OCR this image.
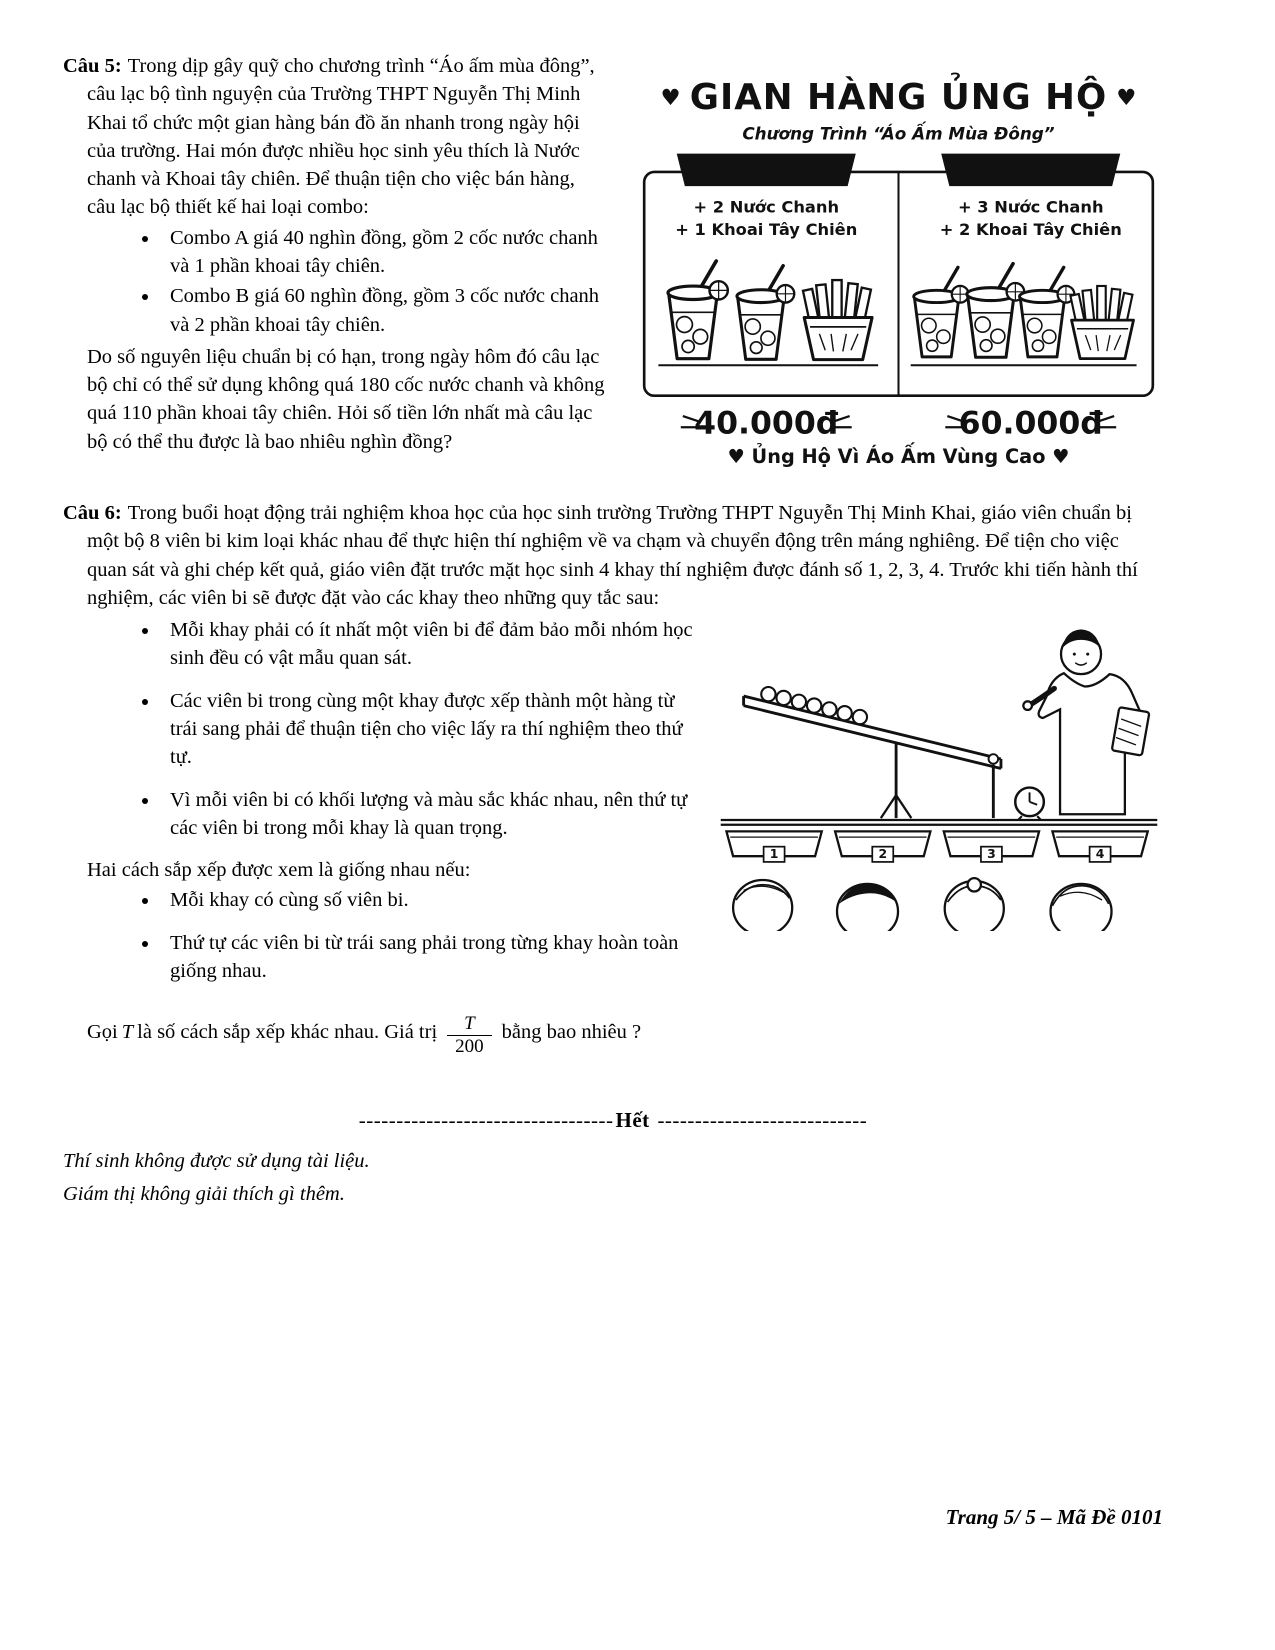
Câu 5: Trong dịp gây quỹ cho chương trình “Áo ấm mùa đông”, câu lạc bộ tình nguyện của Trường THPT Nguyễn Thị Minh Khai tổ chức một gian hàng bán đồ ăn nhanh trong ngày hội của trường. Hai món được nhiều học sinh yêu thích là Nước chanh và Khoai tây chiên. Để thuận tiện cho việc bán hàng, câu lạc bộ thiết kế hai loại combo:

• Combo A giá 40 nghìn đồng, gồm 2 cốc nước chanh và 1 phần khoai tây chiên.
• Combo B giá 60 nghìn đồng, gồm 3 cốc nước chanh và 2 phần khoai tây chiên.

Do số nguyên liệu chuẩn bị có hạn, trong ngày hôm đó câu lạc bộ chỉ có thể sử dụng không quá 180 cốc nước chanh và không quá 110 phần khoai tây chiên. Hỏi số tiền lớn nhất mà câu lạc bộ có thể thu được là bao nhiêu nghìn đồng?

♥ GIAN HÀNG ỦNG HỘ ♥
Chương Trình “Áo Ấm Mùa Đông”
COMBO A
+ 2 Nước Chanh
+ 1 Khoai Tây Chiên
40.000đ
COMBO B
+ 3 Nước Chanh
+ 2 Khoai Tây Chiên
60.000đ
♥ Ủng Hộ Vì Áo Ấm Vùng Cao ♥

Câu 6: Trong buổi hoạt động trải nghiệm khoa học của học sinh trường Trường THPT Nguyễn Thị Minh Khai, giáo viên chuẩn bị một bộ 8 viên bi kim loại khác nhau để thực hiện thí nghiệm về va chạm và chuyển động trên máng nghiêng. Để tiện cho việc quan sát và ghi chép kết quả, giáo viên đặt trước mặt học sinh 4 khay thí nghiệm được đánh số 1, 2, 3, 4. Trước khi tiến hành thí nghiệm, các viên bi sẽ được đặt vào các khay theo những quy tắc sau:

• Mỗi khay phải có ít nhất một viên bi để đảm bảo mỗi nhóm học sinh đều có vật mẫu quan sát.
• Các viên bi trong cùng một khay được xếp thành một hàng từ trái sang phải để thuận tiện cho việc lấy ra thí nghiệm theo thứ tự.
• Vì mỗi viên bi có khối lượng và màu sắc khác nhau, nên thứ tự các viên bi trong mỗi khay là quan trọng.

Hai cách sắp xếp được xem là giống nhau nếu:

• Mỗi khay có cùng số viên bi.
• Thứ tự các viên bi từ trái sang phải trong từng khay hoàn toàn giống nhau.
1	2	3	4

Gọi T là số cách sắp xếp khác nhau. Giá trị $\frac{T}{200}$ bằng bao nhiêu ?

----------------------------------Hết ----------------------------

Thí sinh không được sử dụng tài liệu.

Giám thị không giải thích gì thêm.

Trang 5/ 5 – Mã Đề 0101
